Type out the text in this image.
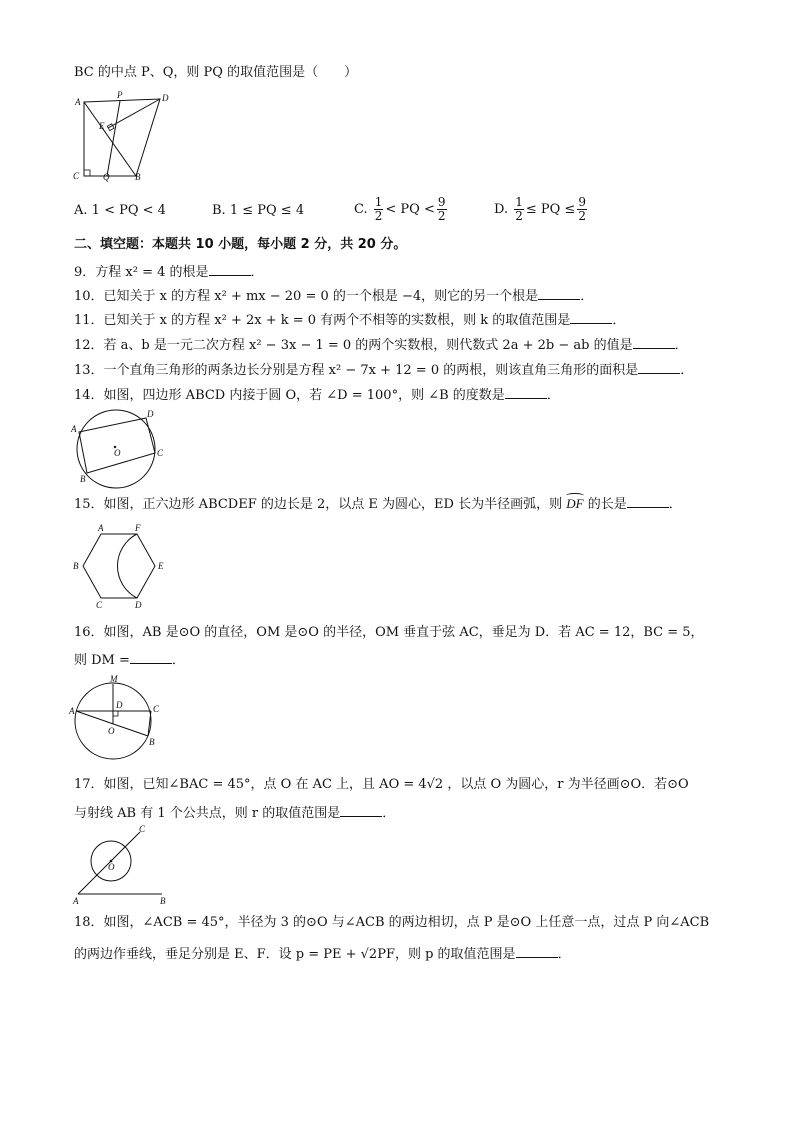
BC 的中点 P、Q，则 PQ 的取值范围是（　　）
A
P	D
E
C	Q	B
A. 1 < PQ < 4	B. 1 ≤ PQ ≤ 4	C. $\frac{1}{2}$ < PQ < $\frac{9}{2}$	D. $\frac{1}{2}$ ≤ PQ ≤ $\frac{9}{2}$
二、填空题：本题共 10 小题，每小题 2 分，共 20 分。
9．方程 x² = 4 的根是	．
10．已知关于 x 的方程 x² + mx − 20 = 0 的一个根是 −4，则它的另一个根是	．
11．已知关于 x 的方程 x² + 2x + k = 0 有两个不相等的实数根，则 k 的取值范围是	．
12．若 a、b 是一元二次方程 x² − 3x − 1 = 0 的两个实数根，则代数式 2a + 2b − ab 的值是	．
13．一个直角三角形的两条边长分别是方程 x² − 7x + 12 = 0 的两根，则该直角三角形的面积是	．
14．如图，四边形 ABCD 内接于圆 O，若 ∠D = 100°，则 ∠B 的度数是	．
D
A
O	C
B
15．如图，正六边形 ABCDEF 的边长是 2，以点 E 为圆心，ED 长为半径画弧，则 DF 的长是	．
A	F
B	E
C	D
16．如图，AB 是⊙O 的直径，OM 是⊙O 的半径，OM 垂直于弦 AC，垂足为 D．若 AC = 12，BC = 5，
则 DM =	．
M
A
D	C
O
B
17．如图，已知∠BAC = 45°，点 O 在 AC 上，且 AO = 4√2 ，以点 O 为圆心，r 为半径画⊙O．若⊙O
与射线 AB 有 1 个公共点，则 r 的取值范围是	．
C
O
A	B
18．如图，∠ACB = 45°，半径为 3 的⊙O 与∠ACB 的两边相切，点 P 是⊙O 上任意一点，过点 P 向∠ACB
的两边作垂线，垂足分别是 E、F．设 p = PE + √2PF，则 p 的取值范围是	．
